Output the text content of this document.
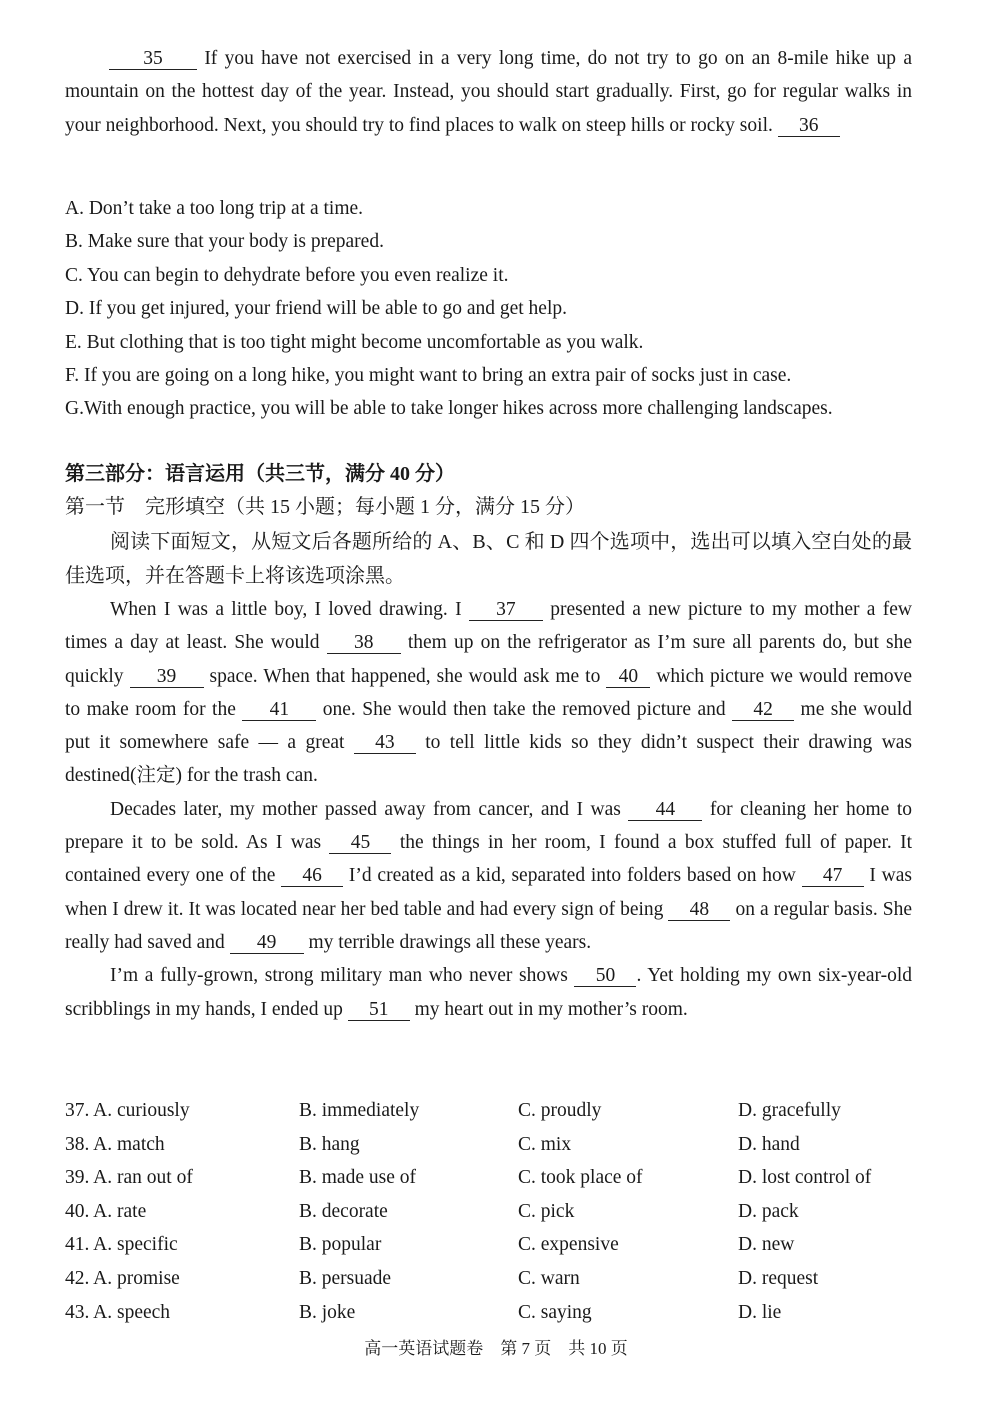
35 If you have not exercised in a very long time, do not try to go on an 8-mile hike up a mountain on the hottest day of the year. Instead, you should start gradually. First, go for regular walks in your neighborhood. Next, you should try to find places to walk on steep hills or rocky soil. 36
A. Don’t take a too long trip at a time.
B. Make sure that your body is prepared.
C. You can begin to dehydrate before you even realize it.
D. If you get injured, your friend will be able to go and get help.
E. But clothing that is too tight might become uncomfortable as you walk.
F. If you are going on a long hike, you might want to bring an extra pair of socks just in case.
G.With enough practice, you will be able to take longer hikes across more challenging landscapes.
第三部分：语言运用（共三节，满分 40 分）
第一节　完形填空（共 15 小题；每小题 1 分，满分 15 分）
阅读下面短文，从短文后各题所给的 A、B、C 和 D 四个选项中，选出可以填入空白处的最佳选项，并在答题卡上将该选项涂黑。
When I was a little boy, I loved drawing. I 37 presented a new picture to my mother a few times a day at least. She would 38 them up on the refrigerator as I’m sure all parents do, but she quickly 39 space. When that happened, she would ask me to 40 which picture we would remove to make room for the 41 one. She would then take the removed picture and 42 me she would put it somewhere safe — a great 43 to tell little kids so they didn’t suspect their drawing was destined(注定) for the trash can.
Decades later, my mother passed away from cancer, and I was 44 for cleaning her home to prepare it to be sold. As I was 45 the things in her room, I found a box stuffed full of paper. It contained every one of the 46 I’d created as a kid, separated into folders based on how 47 I was when I drew it. It was located near her bed table and had every sign of being 48 on a regular basis. She really had saved and 49 my terrible drawings all these years.
I’m a fully-grown, strong military man who never shows 50 . Yet holding my own six-year-old scribblings in my hands, I ended up 51 my heart out in my mother’s room.
37. A. curiously	B. immediately	C. proudly	D. gracefully
38. A. match	B. hang	C. mix	D. hand
39. A. ran out of	B. made use of	C. took place of	D. lost control of
40. A. rate	B. decorate	C. pick	D. pack
41. A. specific	B. popular	C. expensive	D. new
42. A. promise	B. persuade	C. warn	D. request
43. A. speech	B. joke	C. saying	D. lie
高一英语试题卷　第 7 页　共 10 页
